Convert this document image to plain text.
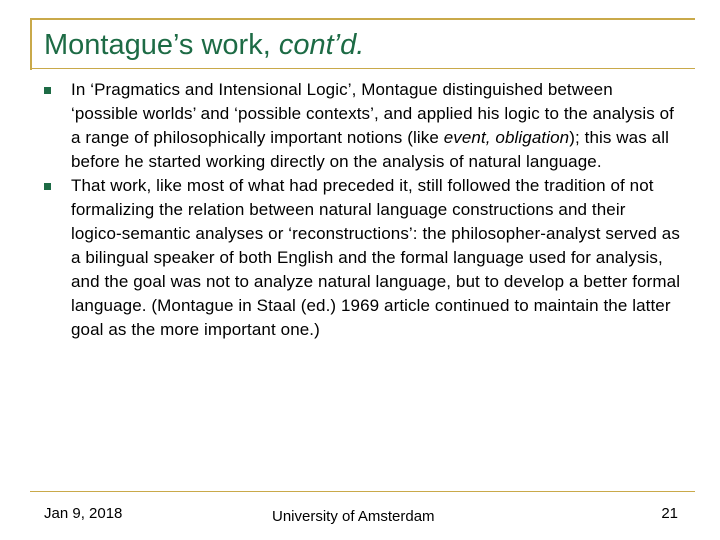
Montague’s work, cont’d.
In ‘Pragmatics and Intensional Logic’, Montague distinguished between ‘possible worlds’ and ‘possible contexts’, and applied his logic to the analysis of a range of philosophically important notions (like event, obligation); this was all before he started working directly on the analysis of natural language.
That work, like most of what had preceded it, still followed the tradition of not formalizing the relation between natural language constructions and their logico‑semantic analyses or ‘reconstructions’: the philosopher‑analyst served as a bilingual speaker of both English and the formal language used for analysis, and the goal was not to analyze natural language, but to develop a better formal language. (Montague in Staal (ed.) 1969 article continued to maintain the latter goal as the more important one.)
Jan 9, 2018	University of Amsterdam	21
